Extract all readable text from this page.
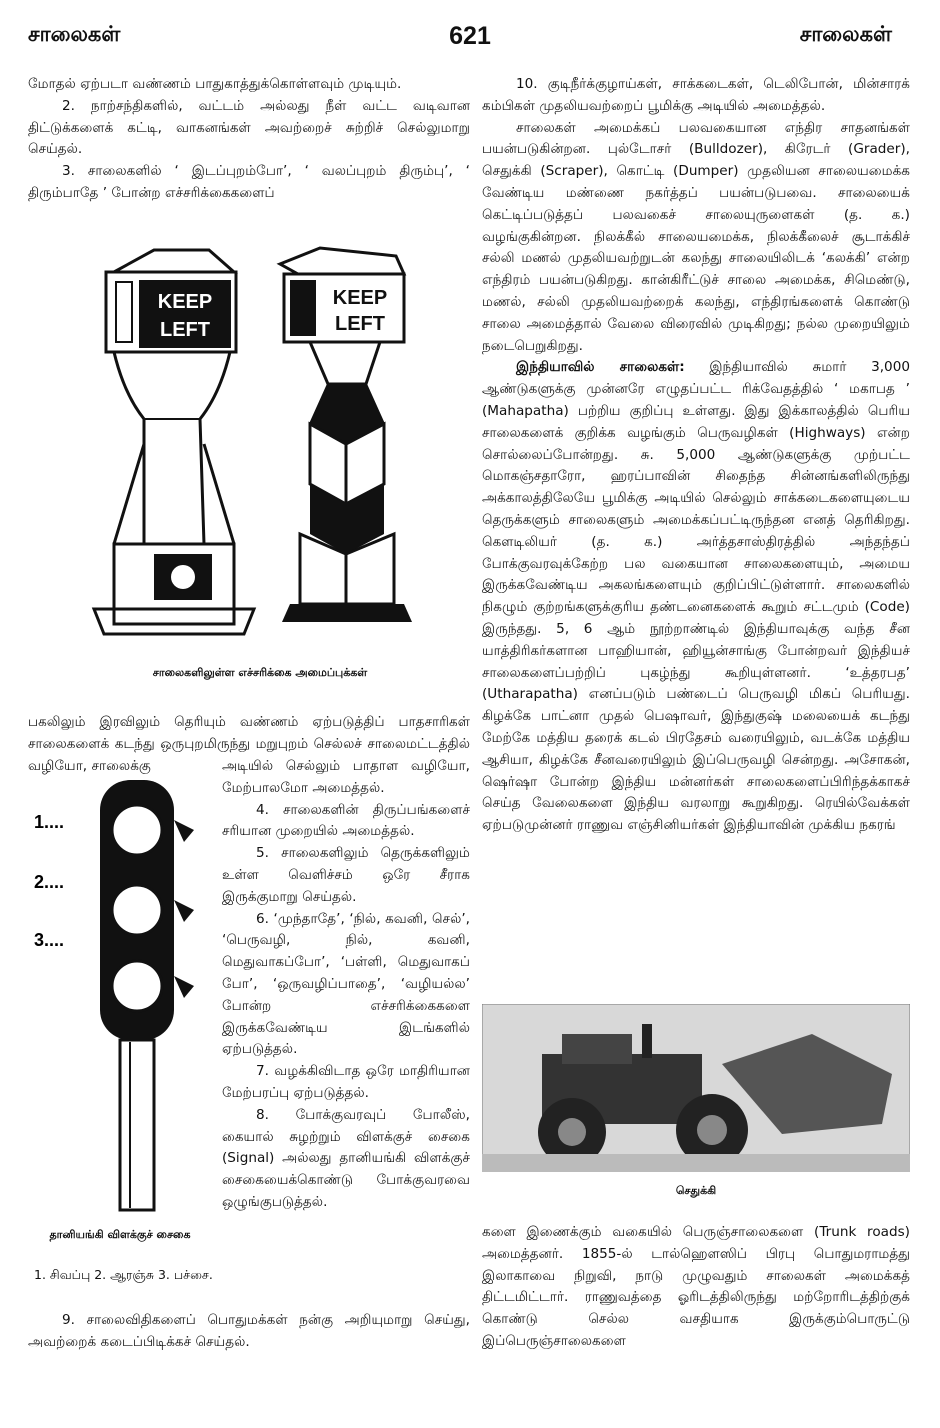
சாலைகள்	621	சாலைகள்

மோதல் ஏற்படா வண்ணம் பாதுகாத்துக்கொள்ளவும் முடியும்.

2. நாற்சந்திகளில், வட்டம் அல்லது நீள் வட்ட வடிவான திட்டுக்களைக் கட்டி, வாகனங்கள் அவற்றைச் சுற்றிச் செல்லுமாறு செய்தல்.

3. சாலைகளில் ‘ இடப்புறம்போ’, ‘ வலப்புறம் திரும்பு’, ‘ திரும்பாதே ’ போன்ற எச்சரிக்கைகளைப்

KEEP
LEFT
KEEP
LEFT
சாலைகளிலுள்ள எச்சரிக்கை அமைப்புக்கள்

பகலிலும் இரவிலும் தெரியும் வண்ணம் ஏற்படுத்திப் பாதசாரிகள் சாலைகளைக் கடந்து ஒருபுறமிருந்து மறுபுறம் செல்லச் சாலைமட்டத்தில் வழியோ, சாலைக்கு

1....
2....
3....
தானியங்கி விளக்குச் சைகை
1. சிவப்பு 2. ஆரஞ்சு 3. பச்சை.

அடியில் செல்லும் பாதாள வழியோ, மேற்பாலமோ அமைத்தல்.

4. சாலைகளின் திருப்பங்களைச் சரியான முறையில் அமைத்தல்.

5. சாலைகளிலும் தெருக்களிலும் உள்ள வெளிச்சம் ஒரே சீராக இருக்குமாறு செய்தல்.

6. ‘முந்தாதே’, ‘நில், கவனி, செல்’, ‘பெருவழி, நில், கவனி, மெதுவாகப்போ’, ‘பள்ளி, மெதுவாகப் போ’, ‘ஒருவழிப்பாதை’, ‘வழியல்ல’ போன்ற எச்சரிக்கைகளை இருக்கவேண்டிய இடங்களில் ஏற்படுத்தல்.

7. வழக்கிவிடாத ஒரே மாதிரியான மேற்பரப்பு ஏற்படுத்தல்.

8. போக்குவரவுப் போலீஸ், கையால் சுழற்றும் விளக்குச் சைகை (Signal) அல்லது தானியங்கி விளக்குச் சைகையைக்கொண்டு போக்குவரவை ஒழுங்குபடுத்தல்.

9. சாலைவிதிகளைப் பொதுமக்கள் நன்கு அறியுமாறு செய்து, அவற்றைக் கடைப்பிடிக்கச் செய்தல்.

10. குடிநீர்க்குழாய்கள், சாக்கடைகள், டெலிபோன், மின்சாரக் கம்பிகள் முதலியவற்றைப் பூமிக்கு அடியில் அமைத்தல்.

சாலைகள் அமைக்கப் பலவகையான எந்திர சாதனங்கள் பயன்படுகின்றன. புல்டோசர் (Bulldozer), கிரேடர் (Grader), செதுக்கி (Scraper), கொட்டி (Dumper) முதலியன சாலையமைக்க வேண்டிய மண்ணை நகர்த்தப் பயன்படுபவை. சாலையைக் கெட்டிப்படுத்தப் பலவகைச் சாலையுருளைகள் (த. க.) வழங்குகின்றன. நிலக்கீல் சாலையமைக்க, நிலக்கீலைச் சூடாக்கிச் சல்லி மணல் முதலியவற்றுடன் கலந்து சாலையிலிடக் ‘கலக்கி’ என்ற எந்திரம் பயன்படுகிறது. கான்கிரீட்டுச் சாலை அமைக்க, சிமெண்டு, மணல், சல்லி முதலியவற்றைக் கலந்து, எந்திரங்களைக் கொண்டு சாலை அமைத்தால் வேலை விரைவில் முடிகிறது; நல்ல முறையிலும் நடைபெறுகிறது.

இந்தியாவில் சாலைகள்: இந்தியாவில் சுமார் 3,000 ஆண்டுகளுக்கு முன்னரே எழுதப்பட்ட ரிக்வேதத்தில் ‘ மகாபத ’ (Mahapatha) பற்றிய குறிப்பு உள்ளது. இது இக்காலத்தில் பெரிய சாலைகளைக் குறிக்க வழங்கும் பெருவழிகள் (Highways) என்ற சொல்லைப்போன்றது. சு. 5,000 ஆண்டுகளுக்கு முற்பட்ட மொகஞ்சதாரோ, ஹரப்பாவின் சிதைந்த சின்னங்களிலிருந்து அக்காலத்திலேயே பூமிக்கு அடியில் செல்லும் சாக்கடைகளையுடைய தெருக்களும் சாலைகளும் அமைக்கப்பட்டிருந்தன எனத் தெரிகிறது. கௌடிலியர் (த. க.) அர்த்தசாஸ்திரத்தில் அந்தந்தப் போக்குவரவுக்கேற்ற பல வகையான சாலைகளையும், அமைய இருக்கவேண்டிய அகலங்களையும் குறிப்பிட்டுள்ளார். சாலைகளில் நிகழும் குற்றங்களுக்குரிய தண்டனைகளைக் கூறும் சட்டமும் (Code) இருந்தது. 5, 6 ஆம் நூற்றாண்டில் இந்தியாவுக்கு வந்த சீன யாத்திரிகர்களான பாஹியான், ஹியூன்சாங்கு போன்றவர் இந்தியச் சாலைகளைப்பற்றிப் புகழ்ந்து கூறியுள்ளனர். ‘உத்தரபத’ (Utharapatha) எனப்படும் பண்டைப் பெருவழி மிகப் பெரியது. கிழக்கே பாட்னா முதல் பெஷாவர், இந்துகுஷ் மலையைக் கடந்து மேற்கே மத்திய தரைக் கடல் பிரதேசம் வரையிலும், வடக்கே மத்திய ஆசியா, கிழக்கே சீனவரையிலும் இப்பெருவழி சென்றது. அசோகன், ஷெர்ஷா போன்ற இந்திய மன்னர்கள் சாலைகளைப்பிரிந்தக்காகச் செய்த வேலைகளை இந்திய வரலாறு கூறுகிறது. ரெயில்வேக்கள் ஏற்படுமுன்னர் ராணுவ எஞ்சினியர்கள் இந்தியாவின் முக்கிய நகரங்

செதுக்கி

களை இணைக்கும் வகையில் பெருஞ்சாலைகளை (Trunk roads) அமைத்தனர். 1855-ல் டால்ஹௌஸிப் பிரபு பொதுமராமத்து இலாகாவை நிறுவி, நாடு முழுவதும் சாலைகள் அமைக்கத் திட்டமிட்டார். ராணுவத்தை ஓரிடத்திலிருந்து மற்றோரிடத்திற்குக் கொண்டு செல்ல வசதியாக இருக்கும்பொருட்டு இப்பெருஞ்சாலைகளை
